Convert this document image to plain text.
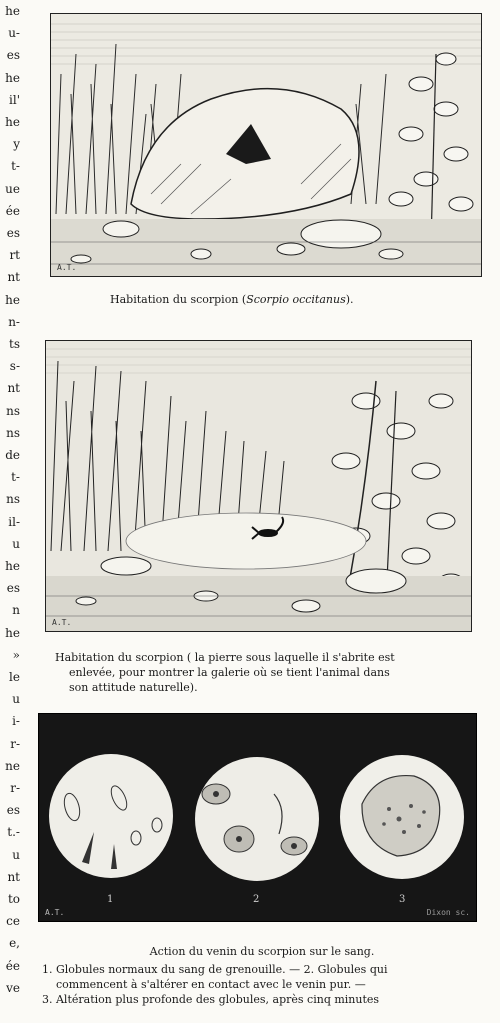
he
u-
es
he
il'
he
y
t-
ue
ée
es
rt
nt
he
n-
ts
s-
nt
ns
ns
de
t-
ns
il-
u
he
es
n
he
»
le
u
i-
r-
ne
r-
es
t.-
u
nt
to
ce
e,
ée
ve
A.T.
Habitation du scorpion (Scorpio occitanus).
A.T.
Habitation du scorpion ( la pierre sous laquelle il s'abrite est
enlevée, pour montrer la galerie où se tient l'animal dans
son attitude naturelle).
1	2	3
A.T.	Dixon sc.
Action du venin du scorpion sur le sang.
1. Globules normaux du sang de grenouille. — 2. Globules qui
commencent à s'altérer en contact avec le venin pur. —
3. Altération plus profonde des globules, après cinq minutes
